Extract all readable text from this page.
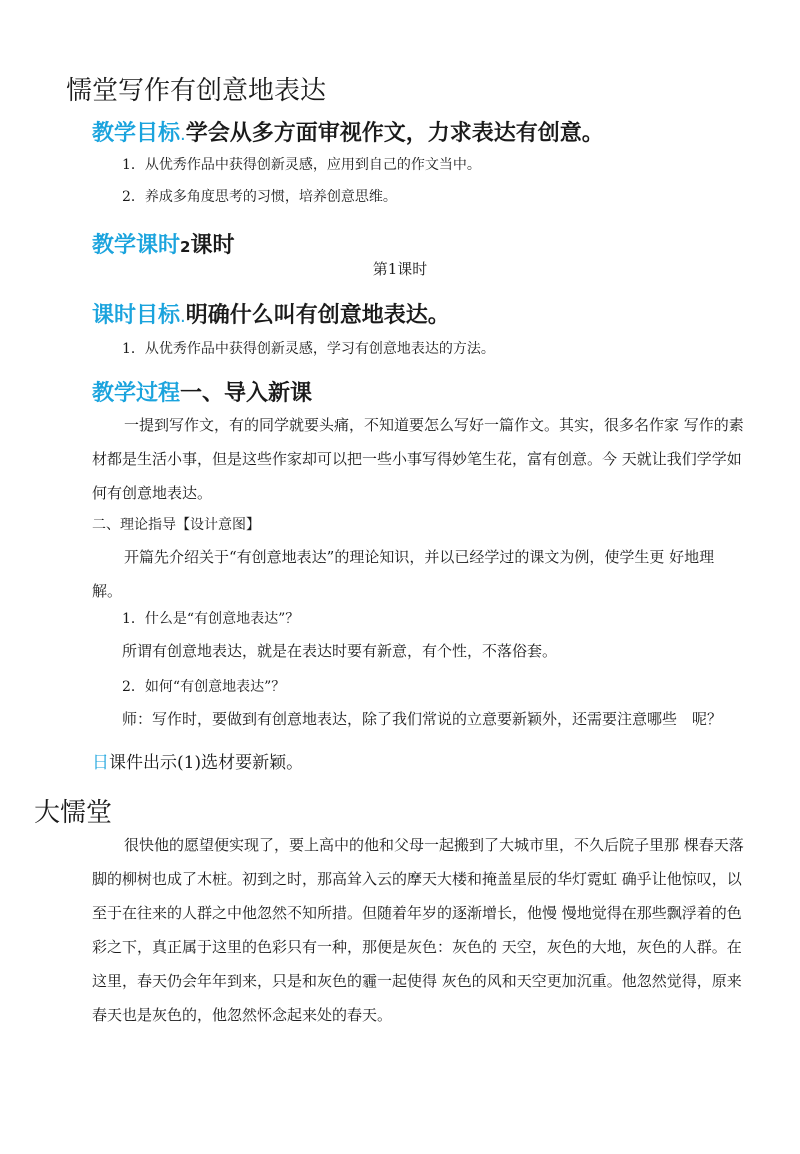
懦堂写作有创意地表达
教学目标.学会从多方面审视作文，力求表达有创意。
1．从优秀作品中获得创新灵感，应用到自己的作文当中。
2．养成多角度思考的习惯，培养创意思维。
教学课时2课时
第1课时
课时目标.明确什么叫有创意地表达。
1．从优秀作品中获得创新灵感，学习有创意地表达的方法。
教学过程一、导入新课
一提到写作文，有的同学就要头痛，不知道要怎么写好一篇作文。其实，很多名作家 写作的素材都是生活小事，但是这些作家却可以把一些小事写得妙笔生花，富有创意。今 天就让我们学学如何有创意地表达。
二、理论指导【设计意图】
开篇先介绍关于“有创意地表达”的理论知识，并以已经学过的课文为例，使学生更 好地理解。
1．什么是“有创意地表达”？
所谓有创意地表达，就是在表达时要有新意，有个性，不落俗套。
2．如何“有创意地表达”？
师：写作时，要做到有创意地表达，除了我们常说的立意要新颖外，还需要注意哪些　呢？
日课件出示(1)选材要新颖。
大懦堂
很快他的愿望便实现了，要上高中的他和父母一起搬到了大城市里，不久后院子里那 棵春天落脚的柳树也成了木桩。初到之时，那高耸入云的摩天大楼和掩盖星辰的华灯霓虹 确乎让他惊叹，以至于在往来的人群之中他忽然不知所措。但随着年岁的逐渐增长，他慢 慢地觉得在那些飘浮着的色彩之下，真正属于这里的色彩只有一种，那便是灰色：灰色的 天空，灰色的大地，灰色的人群。在这里，春天仍会年年到来，只是和灰色的霾一起使得 灰色的风和天空更加沉重。他忽然觉得，原来春天也是灰色的，他忽然怀念起来处的春天。
